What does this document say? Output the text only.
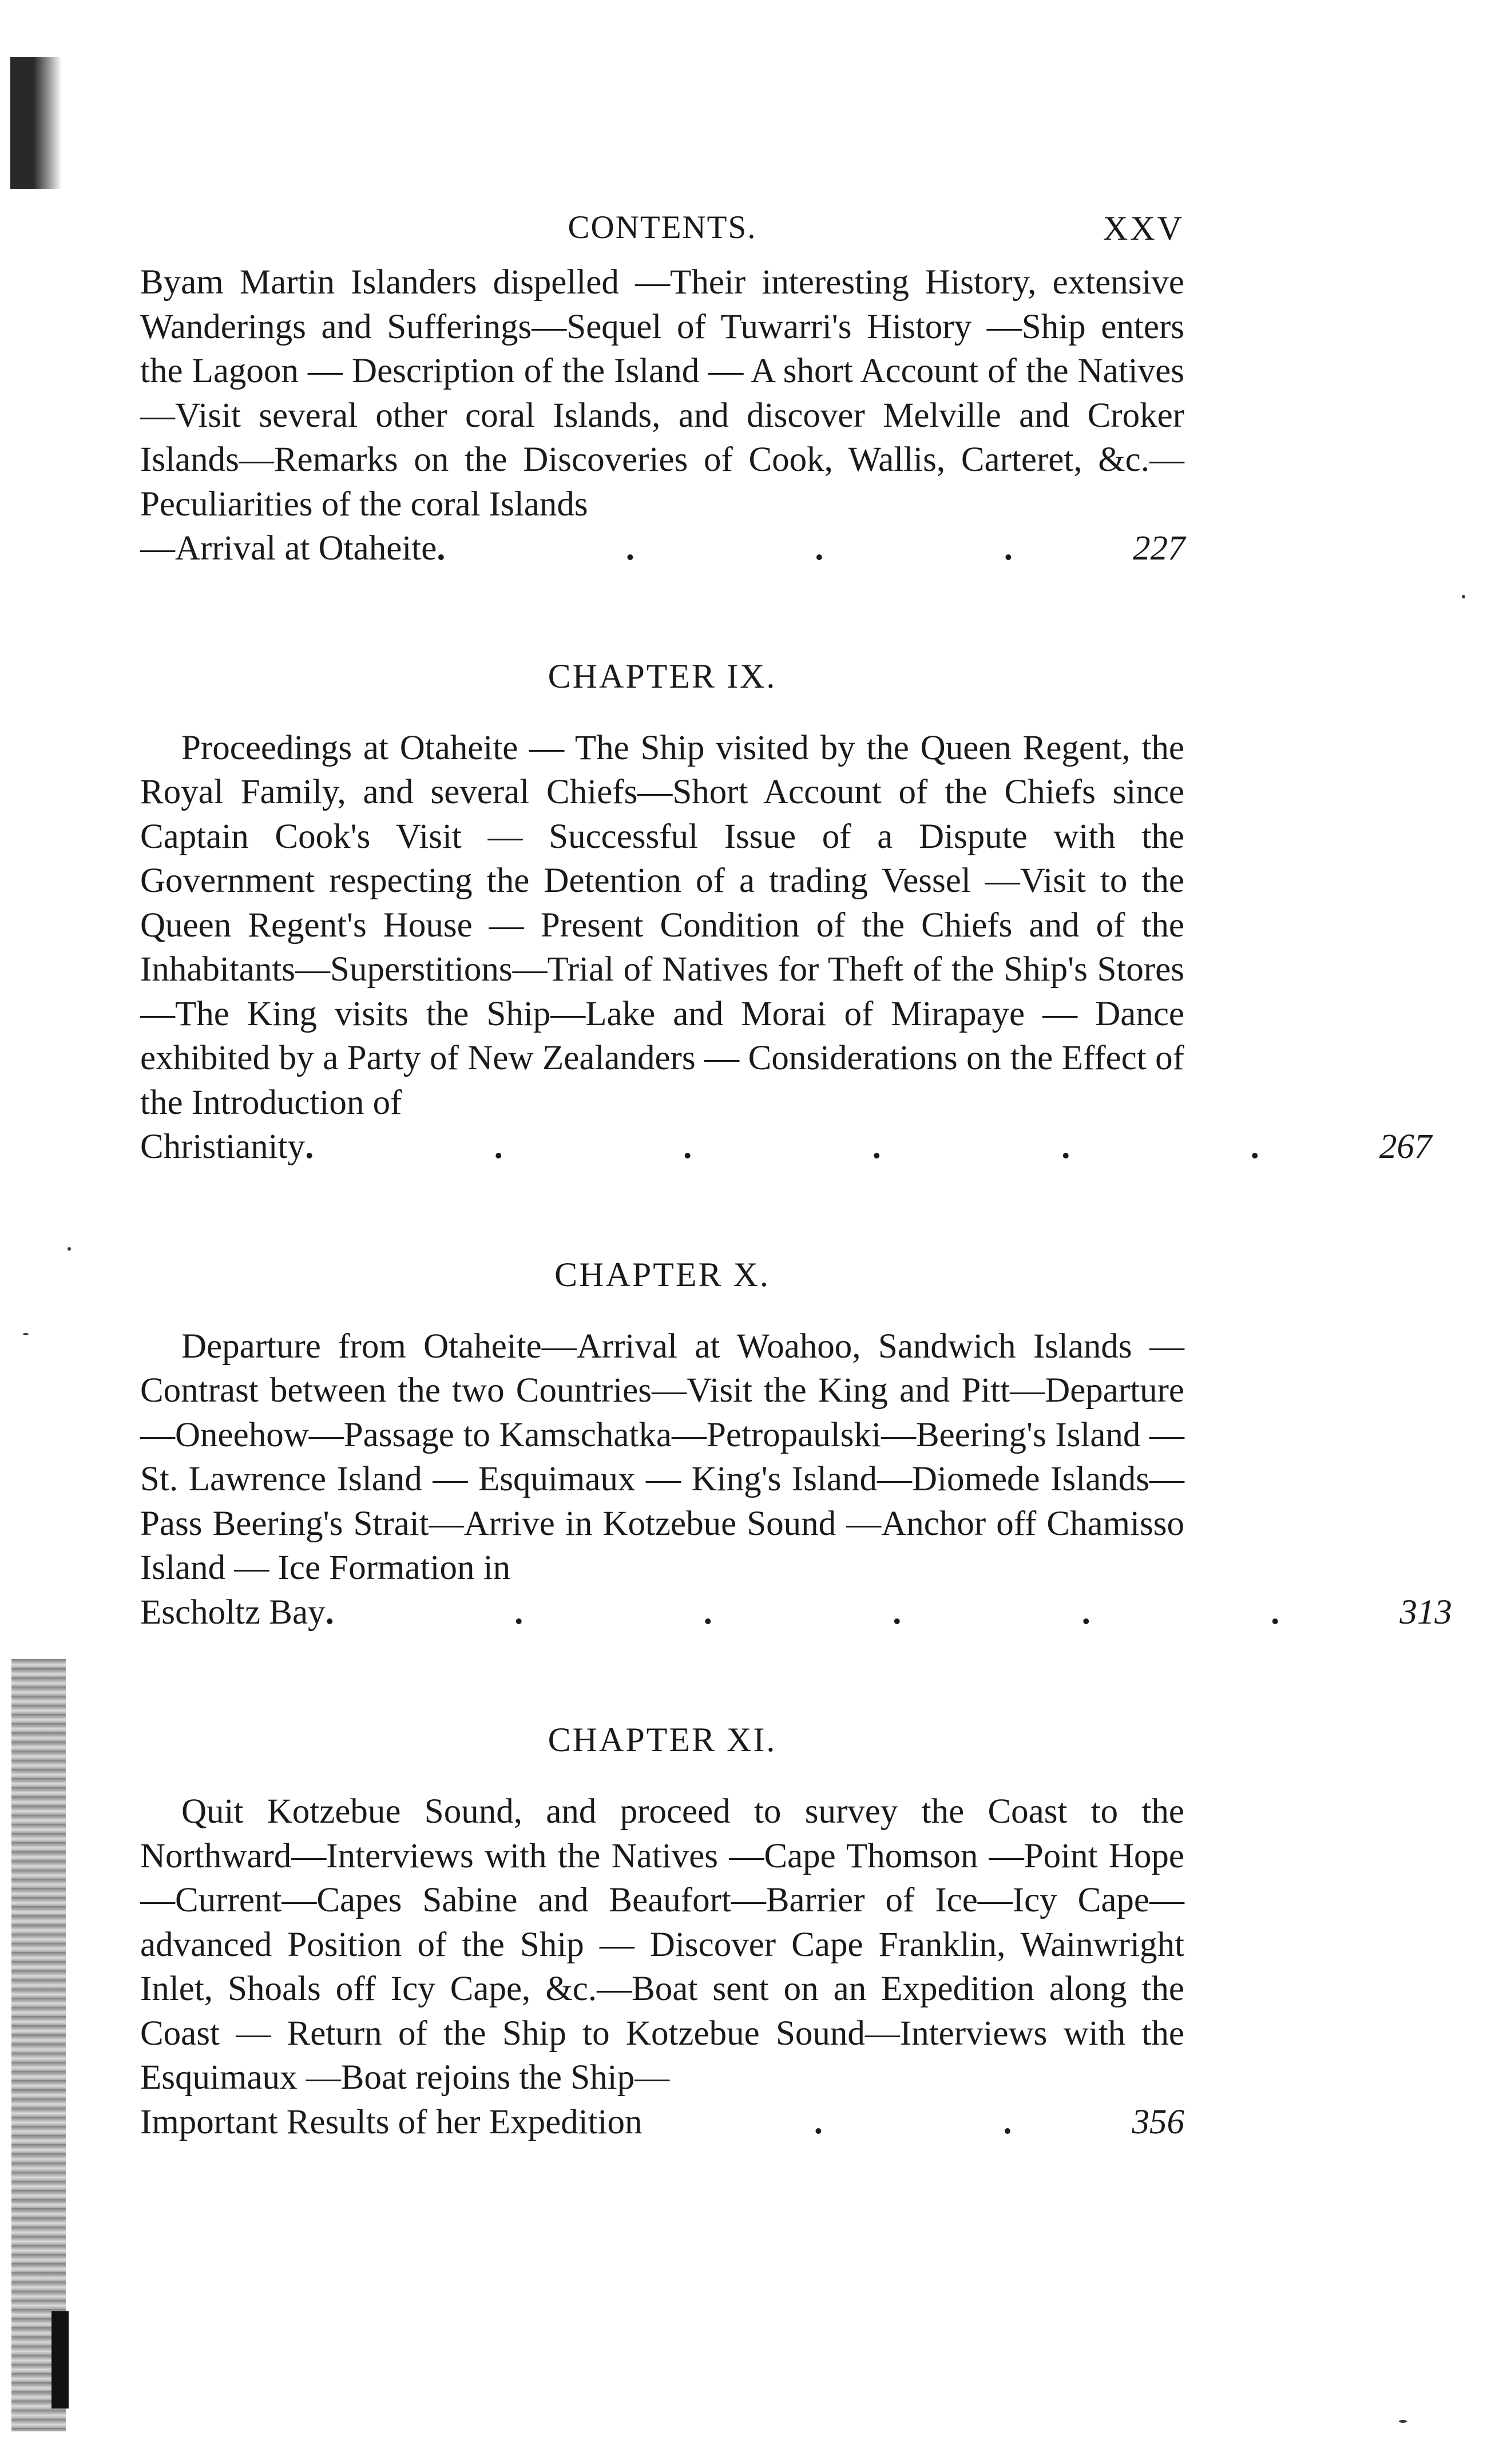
CONTENTS.	XXV

Byam Martin Islanders dispelled —Their interesting History, extensive Wanderings and Sufferings—Sequel of Tuwarri's History —Ship enters the Lagoon — Description of the Island — A short Account of the Natives —Visit several other coral Islands, and discover Melville and Croker Islands—Remarks on the Discoveries of Cook, Wallis, Carteret, &c.—Peculiarities of the coral Islands

—Arrival at Otaheite . . . . 227
CHAPTER IX.

Proceedings at Otaheite — The Ship visited by the Queen Regent, the Royal Family, and several Chiefs—Short Account of the Chiefs since Captain Cook's Visit — Successful Issue of a Dispute with the Government respecting the Detention of a trading Vessel —Visit to the Queen Regent's House — Present Condition of the Chiefs and of the Inhabitants—Superstitions—Trial of Natives for Theft of the Ship's Stores—The King visits the Ship—Lake and Morai of Mirapaye — Dance exhibited by a Party of New Zealanders — Considerations on the Effect of the Introduction of

Christianity . . . . . . 267
CHAPTER X.

Departure from Otaheite—Arrival at Woahoo, Sandwich Islands —Contrast between the two Countries—Visit the King and Pitt—Departure—Oneehow—Passage to Kamschatka—Petropaulski—Beering's Island — St. Lawrence Island — Esquimaux — King's Island—Diomede Islands—Pass Beering's Strait—Arrive in Kotzebue Sound —Anchor off Chamisso Island — Ice Formation in

Escholtz Bay . . . . . . 313
CHAPTER XI.

Quit Kotzebue Sound, and proceed to survey the Coast to the Northward—Interviews with the Natives —Cape Thomson —Point Hope—Current—Capes Sabine and Beaufort—Barrier of Ice—Icy Cape— advanced Position of the Ship — Discover Cape Franklin, Wainwright Inlet, Shoals off Icy Cape, &c.—Boat sent on an Expedition along the Coast — Return of the Ship to Kotzebue Sound—Interviews with the Esquimaux —Boat rejoins the Ship—

Important Results of her Expedition	. . 356
